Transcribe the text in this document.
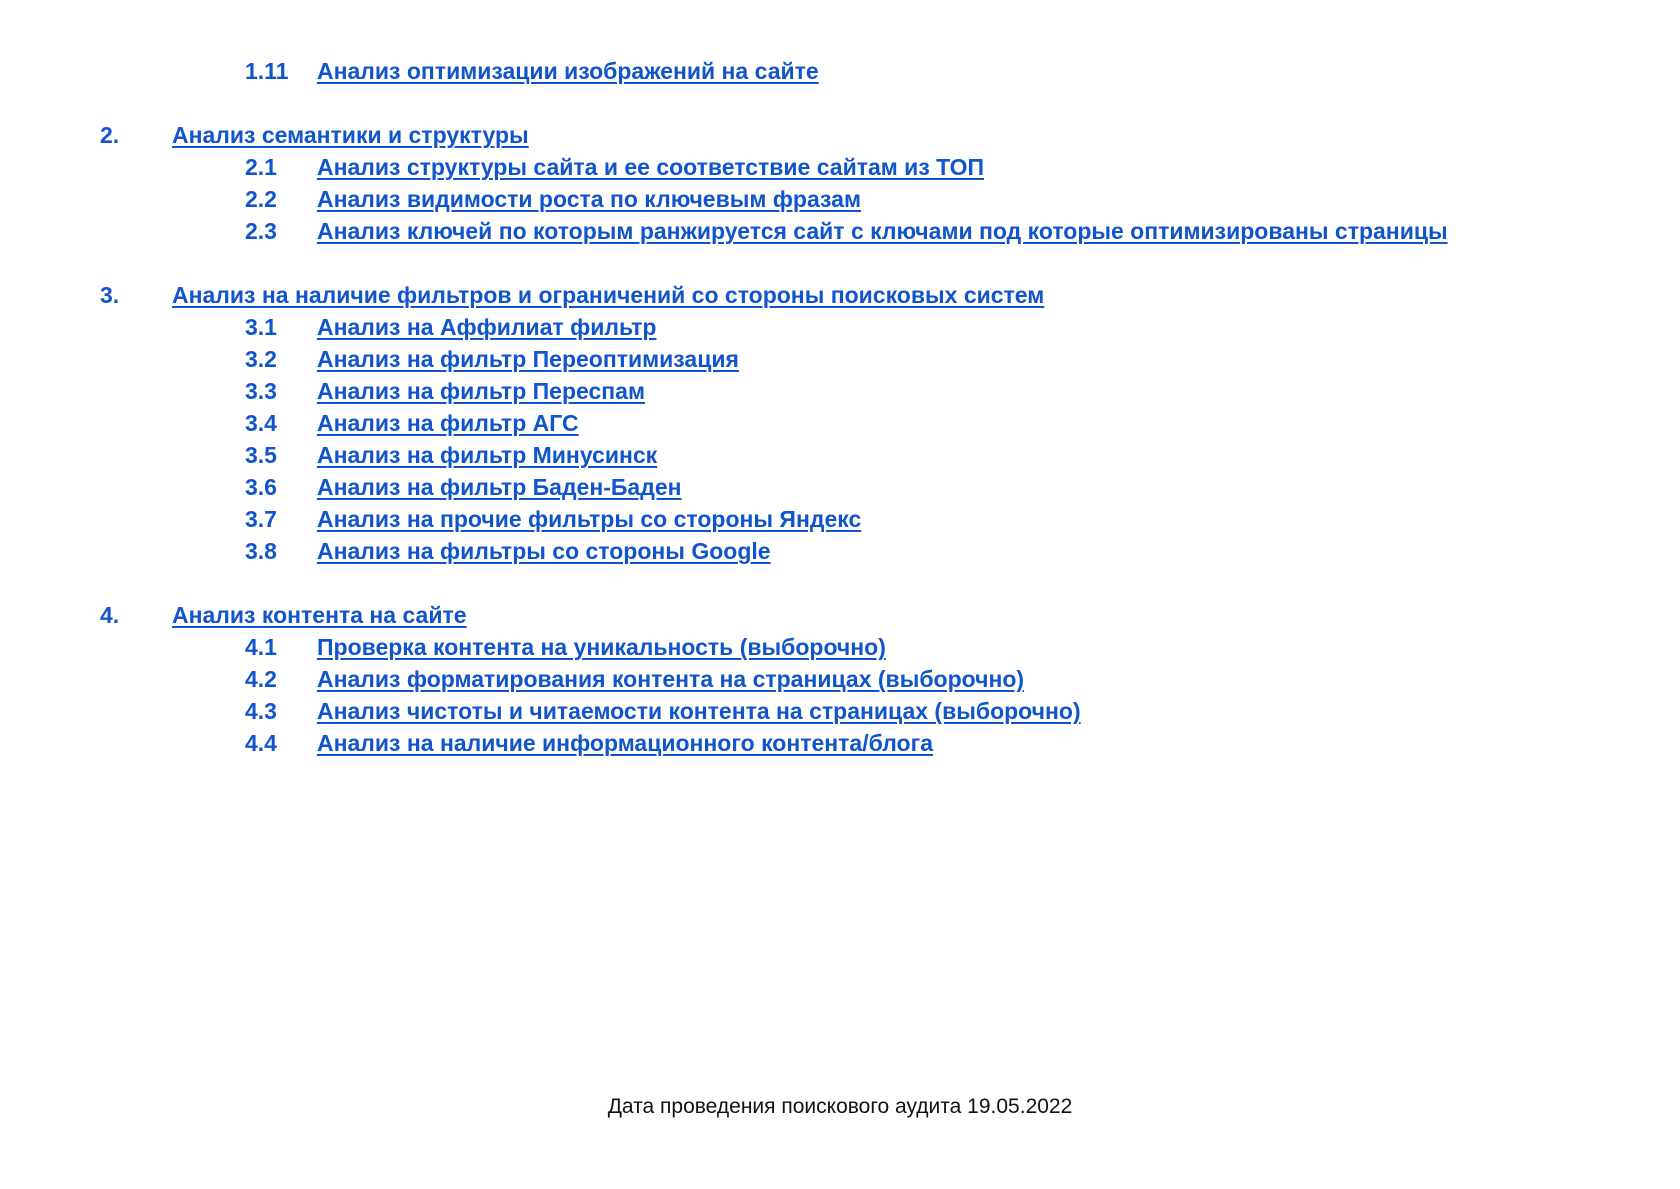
1.11 Анализ оптимизации изображений на сайте
2. Анализ семантики и структуры
2.1 Анализ структуры сайта и ее соответствие сайтам из ТОП
2.2 Анализ видимости роста по ключевым фразам
2.3 Анализ ключей по которым ранжируется сайт с ключами под которые оптимизированы страницы
3. Анализ на наличие фильтров и ограничений со стороны поисковых систем
3.1 Анализ на Аффилиат фильтр
3.2 Анализ на фильтр Переоптимизация
3.3 Анализ на фильтр Переспам
3.4 Анализ на фильтр АГС
3.5 Анализ на фильтр Минусинск
3.6 Анализ на фильтр Баден-Баден
3.7 Анализ на прочие фильтры со стороны Яндекс
3.8 Анализ на фильтры со стороны Google
4. Анализ контента на сайте
4.1 Проверка контента на уникальность (выборочно)
4.2 Анализ форматирования контента на страницах (выборочно)
4.3 Анализ чистоты и читаемости контента на страницах (выборочно)
4.4 Анализ на наличие информационного контента/блога
Дата проведения поискового аудита 19.05.2022
